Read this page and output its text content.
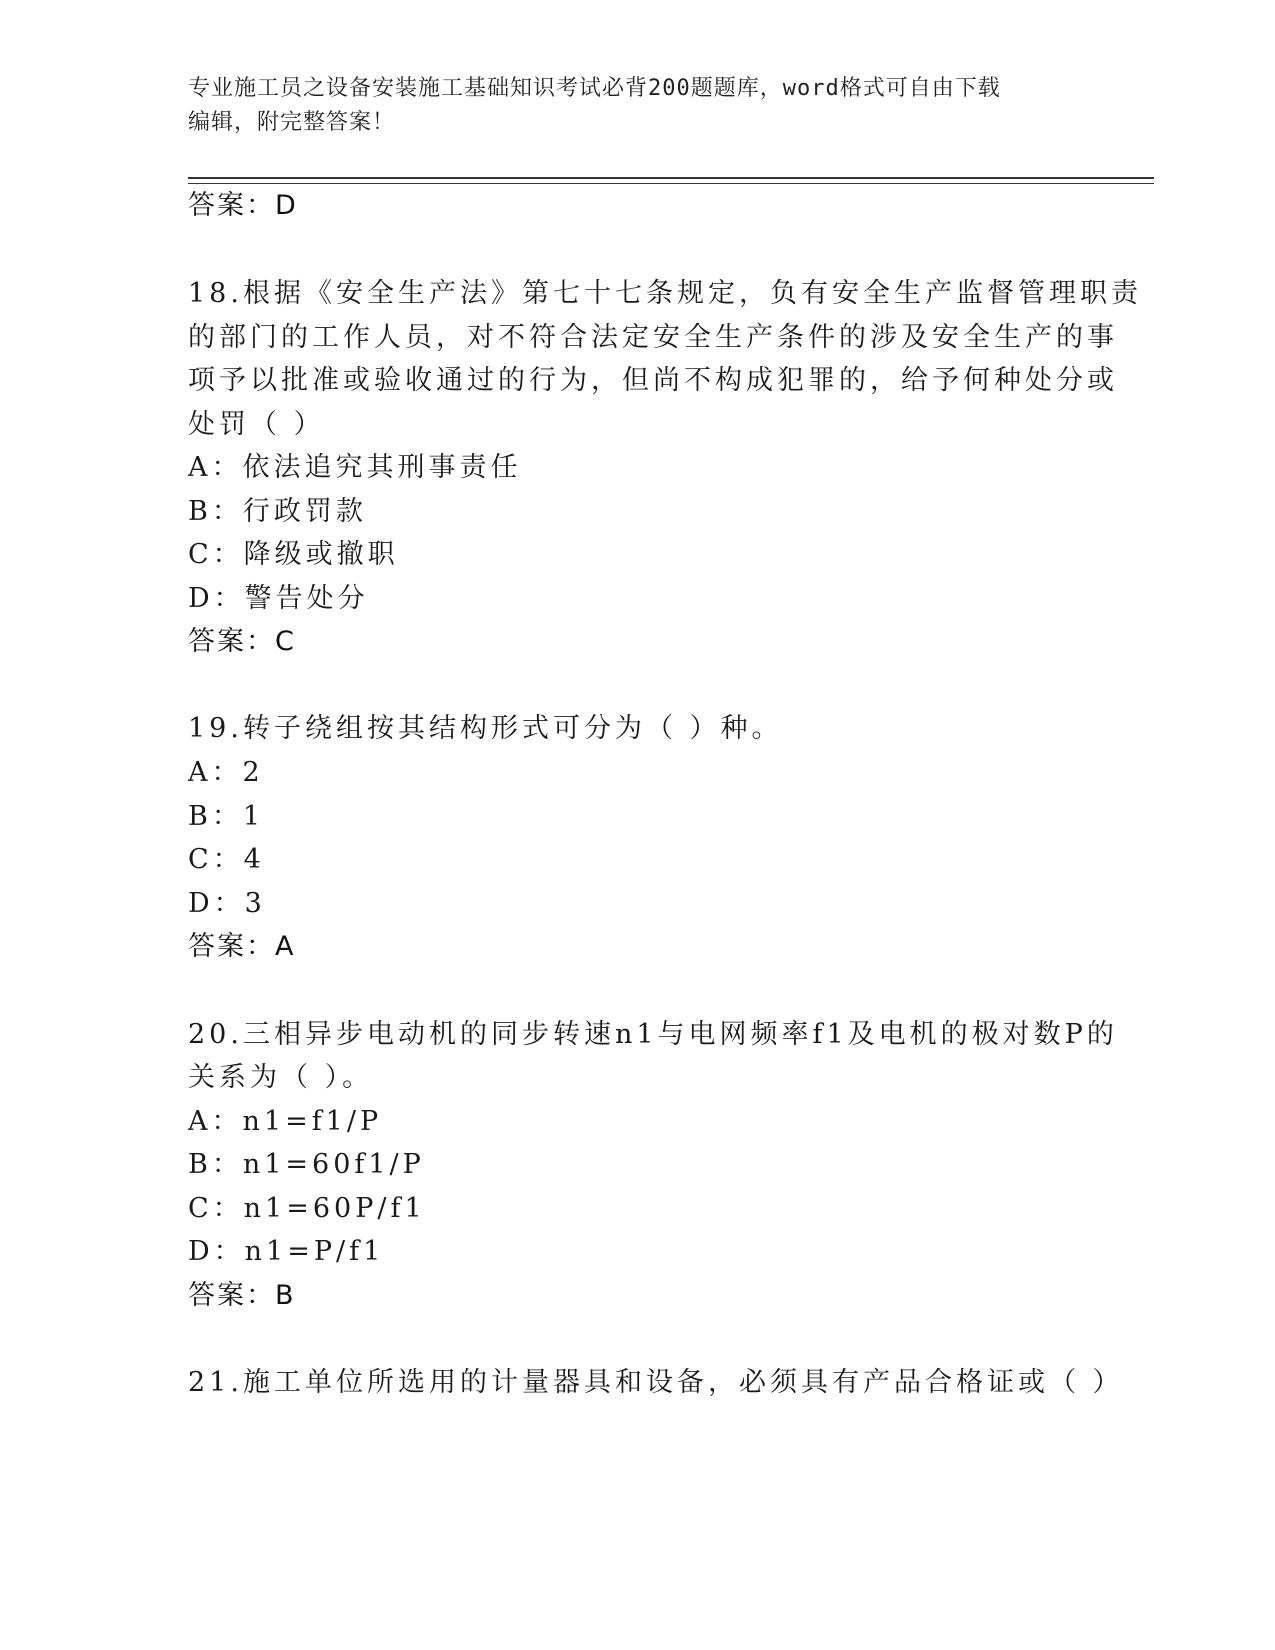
专业施工员之设备安装施工基础知识考试必背200题题库，word格式可自由下载
编辑，附完整答案！
答案：D
18.根据《安全生产法》第七十七条规定，负有安全生产监督管理职责
的部门的工作人员，对不符合法定安全生产条件的涉及安全生产的事
项予以批准或验收通过的行为，但尚不构成犯罪的，给予何种处分或
处罚（ ）
A：依法追究其刑事责任
B：行政罚款
C：降级或撤职
D：警告处分
答案：C
19.转子绕组按其结构形式可分为（ ）种。
A：2
B：1
C：4
D：3
答案：A
20.三相异步电动机的同步转速n1与电网频率f1及电机的极对数P的
关系为（ ）。
A：n1=f1/P
B：n1=60f1/P
C：n1=60P/f1
D：n1=P/f1
答案：B
21.施工单位所选用的计量器具和设备，必须具有产品合格证或（ ）
